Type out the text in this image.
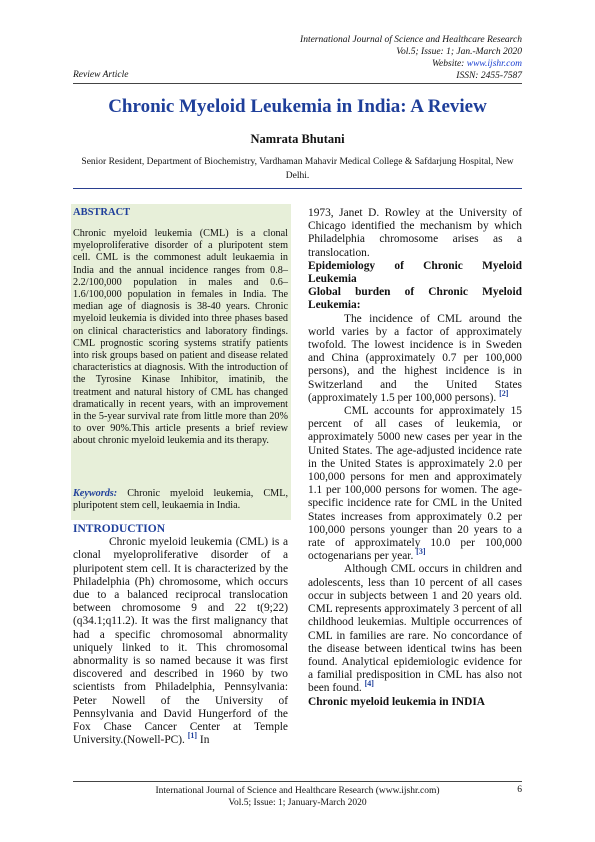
International Journal of Science and Healthcare Research
Vol.5; Issue: 1; Jan.-March 2020
Website: www.ijshr.com
ISSN: 2455-7587
Review Article
Chronic Myeloid Leukemia in India: A Review
Namrata Bhutani
Senior Resident, Department of Biochemistry, Vardhaman Mahavir Medical College & Safdarjung Hospital, New Delhi.
ABSTRACT
Chronic myeloid leukemia (CML) is a clonal myeloproliferative disorder of a pluripotent stem cell. CML is the commonest adult leukaemia in India and the annual incidence ranges from 0.8–2.2/100,000 population in males and 0.6–1.6/100,000 population in females in India. The median age of diagnosis is 38-40 years. Chronic myeloid leukemia is divided into three phases based on clinical characteristics and laboratory findings. CML prognostic scoring systems stratify patients into risk groups based on patient and disease related characteristics at diagnosis. With the introduction of the Tyrosine Kinase Inhibitor, imatinib, the treatment and natural history of CML has changed dramatically in recent years, with an improvement in the 5-year survival rate from little more than 20% to over 90%.This article presents a brief review about chronic myeloid leukemia and its therapy.
Keywords: Chronic myeloid leukemia, CML, pluripotent stem cell, leukaemia in India.
INTRODUCTION

Chronic myeloid leukemia (CML) is a clonal myeloproliferative disorder of a pluripotent stem cell. It is characterized by the Philadelphia (Ph) chromosome, which occurs due to a balanced reciprocal translocation between chromosome 9 and 22 t(9;22)(q34.1;q11.2). It was the first malignancy that had a specific chromosomal abnormality uniquely linked to it. This chromosomal abnormality is so named because it was first discovered and described in 1960 by two scientists from Philadelphia, Pennsylvania: Peter Nowell of the University of Pennsylvania and David Hungerford of the Fox Chase Cancer Center at Temple University.(Nowell-PC). [1] In

1973, Janet D. Rowley at the University of Chicago identified the mechanism by which Philadelphia chromosome arises as a translocation.

Epidemiology of Chronic Myeloid Leukemia

Global burden of Chronic Myeloid Leukemia:

The incidence of CML around the world varies by a factor of approximately twofold. The lowest incidence is in Sweden and China (approximately 0.7 per 100,000 persons), and the highest incidence is in Switzerland and the United States (approximately 1.5 per 100,000 persons). [2]

CML accounts for approximately 15 percent of all cases of leukemia, or approximately 5000 new cases per year in the United States. The age-adjusted incidence rate in the United States is approximately 2.0 per 100,000 persons for men and approximately 1.1 per 100,000 persons for women. The age-specific incidence rate for CML in the United States increases from approximately 0.2 per 100,000 persons younger than 20 years to a rate of approximately 10.0 per 100,000 octogenarians per year. [3]

Although CML occurs in children and adolescents, less than 10 percent of all cases occur in subjects between 1 and 20 years old. CML represents approximately 3 percent of all childhood leukemias. Multiple occurrences of CML in families are rare. No concordance of the disease between identical twins has been found. Analytical epidemiologic evidence for a familial predisposition in CML has also not been found. [4]

Chronic myeloid leukemia in INDIA

International Journal of Science and Healthcare Research (www.ijshr.com)
Vol.5; Issue: 1; January-March 2020
6
